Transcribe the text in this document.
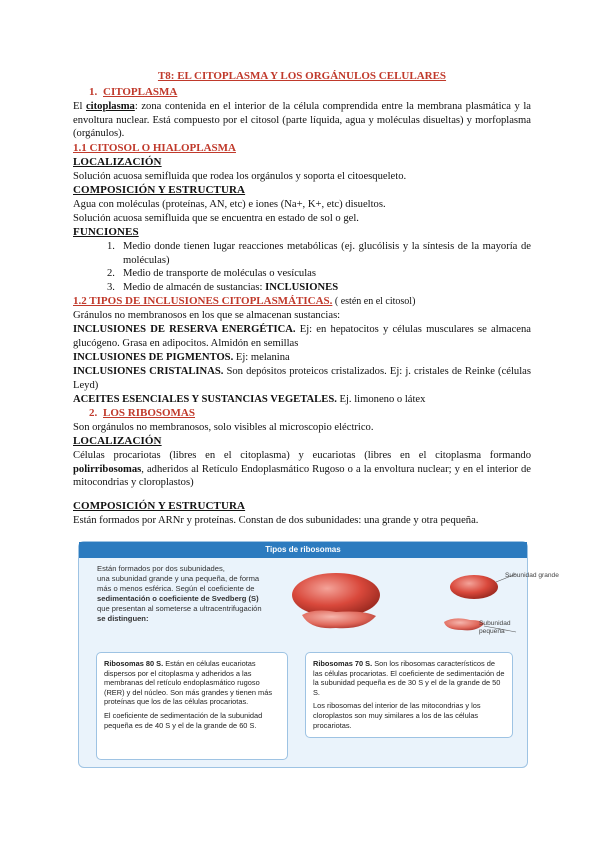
T8: EL CITOPLASMA Y LOS ORGÁNULOS CELULARES
1. CITOPLASMA
El citoplasma: zona contenida en el interior de la célula comprendida entre la membrana plasmática y la envoltura nuclear. Está compuesto por el citosol (parte líquida, agua y moléculas disueltas) y morfoplasma (orgánulos).
1.1 CITOSOL O HIALOPLASMA
LOCALIZACIÓN
Solución acuosa semifluida que rodea los orgánulos y soporta el citoesqueleto.
COMPOSICIÓN Y ESTRUCTURA
Agua con moléculas (proteínas, AN, etc) e iones (Na+, K+, etc) disueltos.
Solución acuosa semifluida que se encuentra en estado de sol o gel.
FUNCIONES
1. Medio donde tienen lugar reacciones metabólicas (ej. glucólisis y la síntesis de la mayoría de moléculas)
2. Medio de transporte de moléculas o vesículas
3. Medio de almacén de sustancias: INCLUSIONES
1.2 TIPOS DE INCLUSIONES CITOPLASMÁTICAS. ( estén en el citosol)
Gránulos no membranosos en los que se almacenan sustancias:
INCLUSIONES DE RESERVA ENERGÉTICA. Ej: en hepatocitos y células musculares se almacena glucógeno. Grasa en adipocitos. Almidón en semillas
INCLUSIONES DE PIGMENTOS. Ej: melanina
INCLUSIONES CRISTALINAS. Son depósitos proteicos cristalizados. Ej: j. cristales de Reinke (células Leyd)
ACEITES ESENCIALES Y SUSTANCIAS VEGETALES. Ej. limoneno o látex
2. LOS RIBOSOMAS
Son orgánulos no membranosos, solo visibles al microscopio eléctrico.
LOCALIZACIÓN
Células procariotas (libres en el citoplasma) y eucariotas (libres en el citoplasma formando polirribosomas, adheridos al Retículo Endoplasmático Rugoso o a la envoltura nuclear; y en el interior de mitocondrias y cloroplastos)
COMPOSICIÓN Y ESTRUCTURA
Están formados por ARNr y proteínas. Constan de dos subunidades: una grande y otra pequeña.
Tipos de ribosomas
Están formados por dos subunidades,
una subunidad grande y una pequeña, de forma
más o menos esférica. Según el coeficiente de
sedimentación o coeficiente de Svedberg (S)
que presentan al someterse a ultracentrifugación
se distinguen:
Subunidad grande
Subunidad pequeña
Ribosomas 80 S. Están en células eucariotas dispersos por el citoplasma y adheridos a las membranas del retículo endoplasmático rugoso (RER) y del núcleo. Son más grandes y tienen más proteínas que los de las células procariotas.
El coeficiente de sedimentación de la subunidad pequeña es de 40 S y el de la grande de 60 S.
Ribosomas 70 S. Son los ribosomas característicos de las células procariotas. El coeficiente de sedimentación de la subunidad pequeña es de 30 S y el de la grande de 50 S.
Los ribosomas del interior de las mitocondrias y los cloroplastos son muy similares a los de las células procariotas.
